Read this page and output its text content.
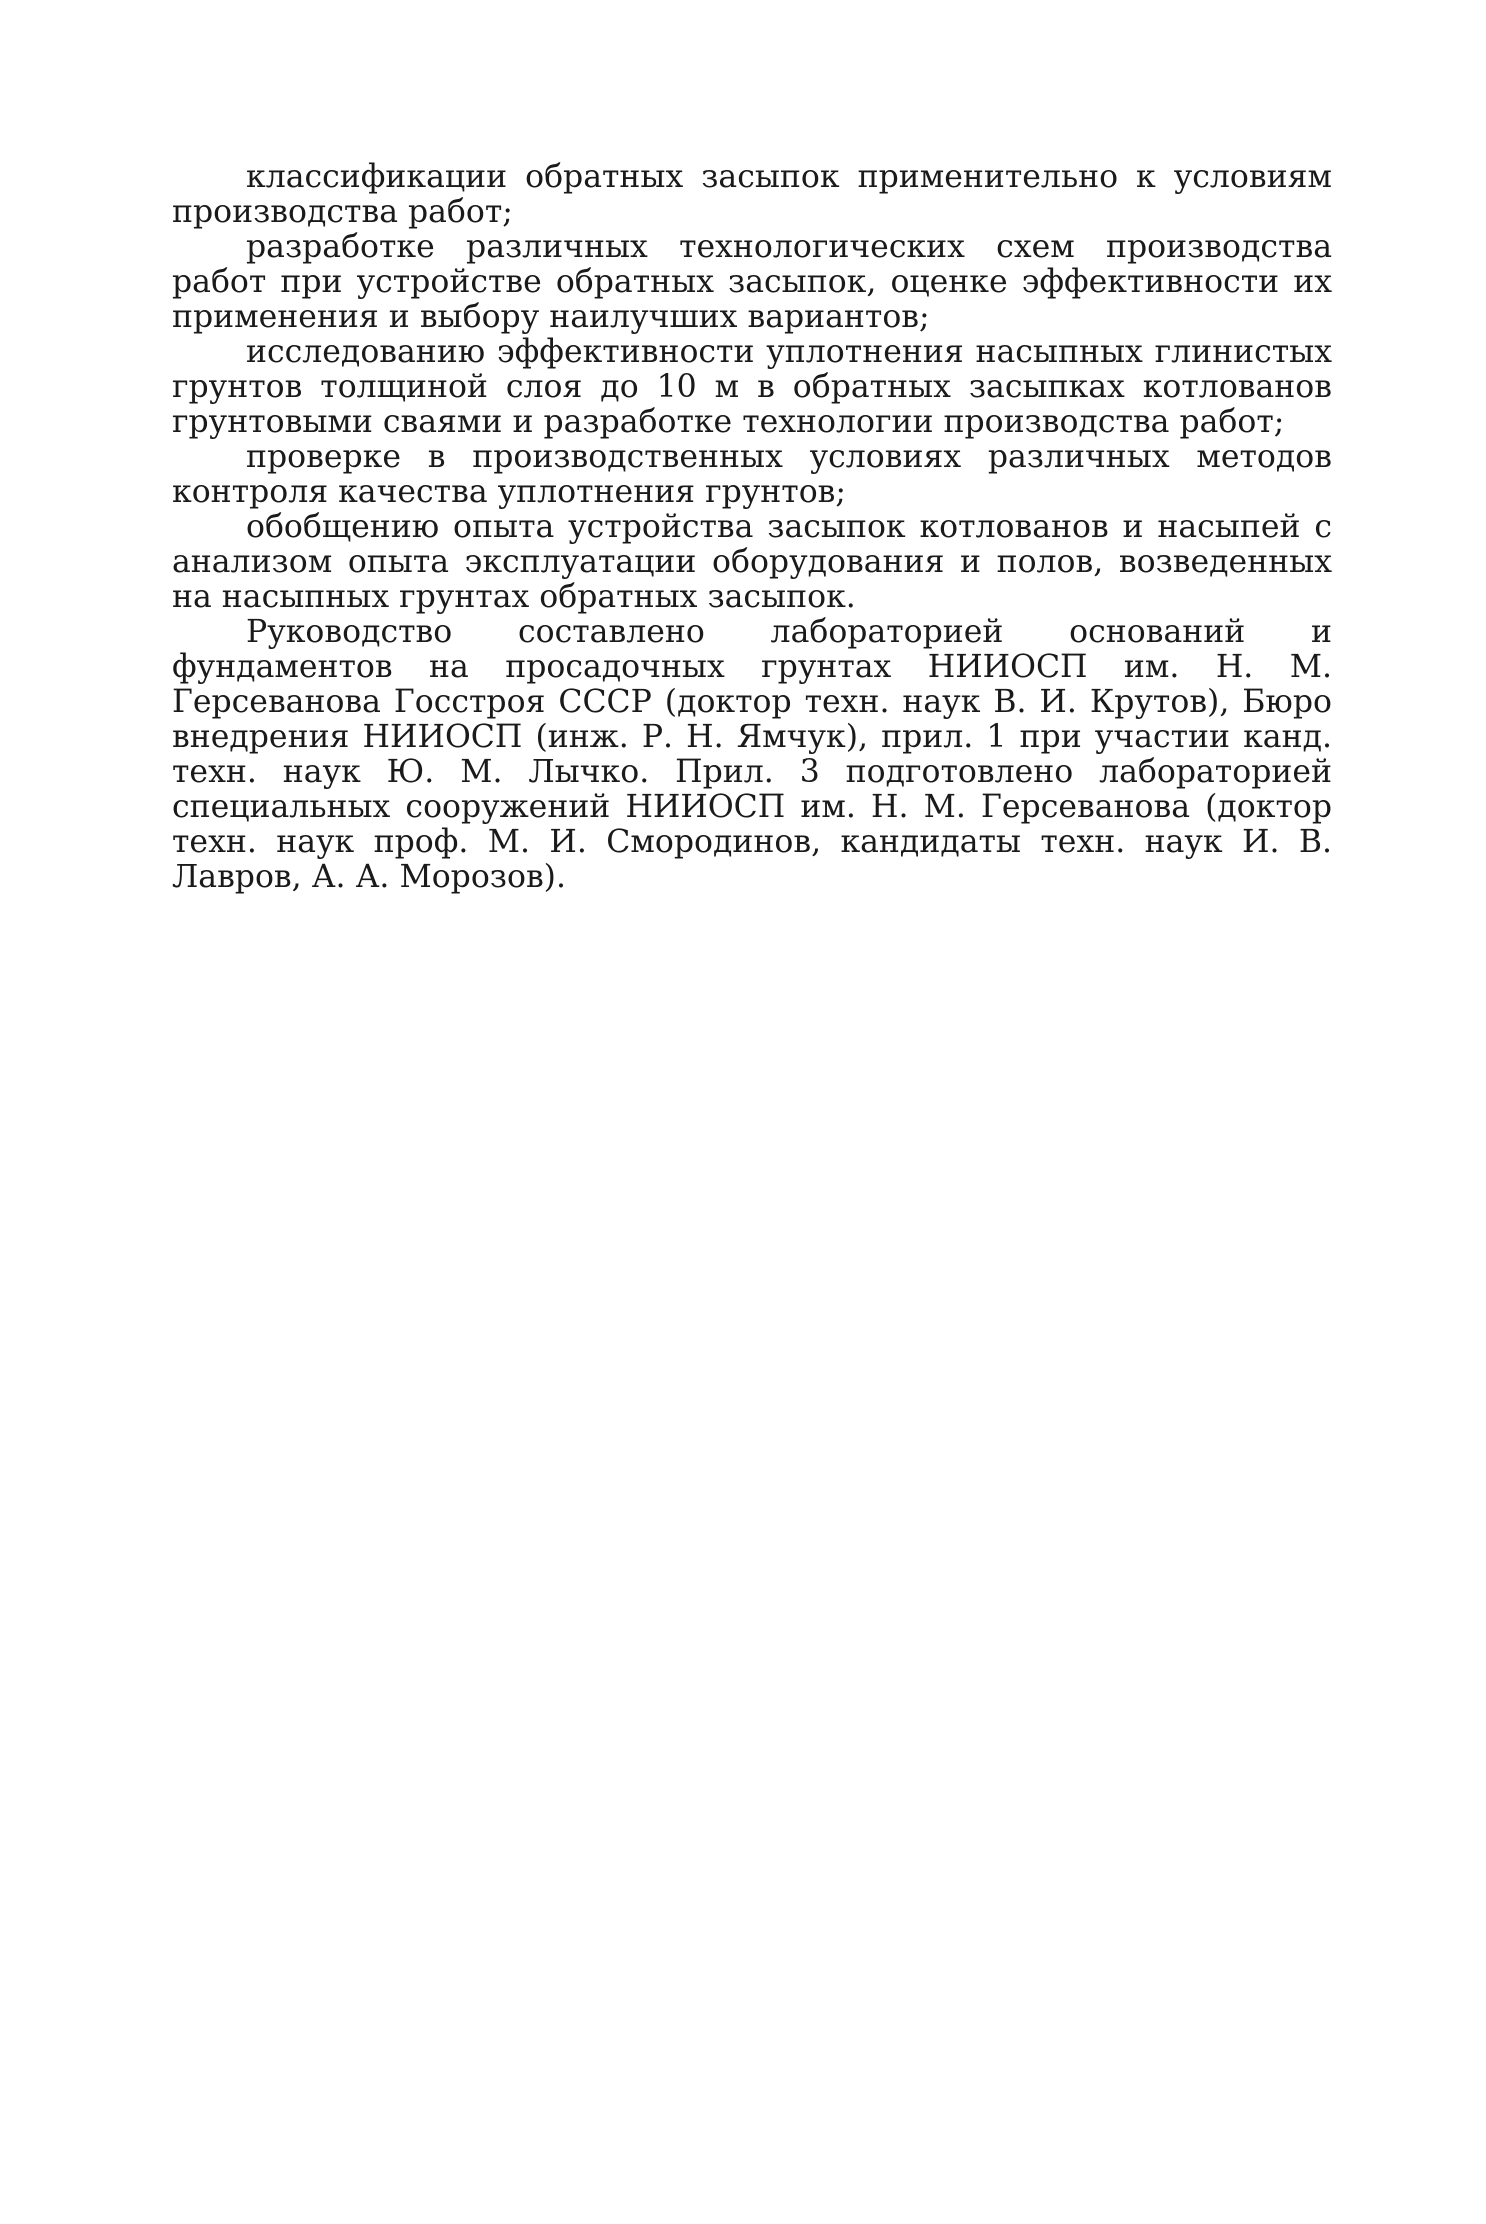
классификации обратных засыпок применительно к условиям производства работ;

разработке различных технологических схем производства работ при устройстве обратных засыпок, оценке эффективности их применения и выбору наилучших вариантов;

исследованию эффективности уплотнения насыпных глинистых грунтов толщиной слоя до 10 м в обратных засыпках котлованов грунтовыми сваями и разработке технологии производства работ;

проверке в производственных условиях различных методов контроля качества уплотнения грунтов;

обобщению опыта устройства засыпок котлованов и насыпей с анализом опыта эксплуатации оборудования и полов, возведенных на насыпных грунтах обратных засыпок.

Руководство составлено лабораторией оснований и фундаментов на просадочных грунтах НИИОСП им. Н. М. Герсеванова Госстроя СССР (доктор техн. наук В. И. Крутов), Бюро внедрения НИИОСП (инж. Р. Н. Ямчук), прил. 1 при участии канд. техн. наук Ю. М. Лычко. Прил. 3 подготовлено лабораторией специальных сооружений НИИОСП им. Н. М. Герсеванова (доктор техн. наук проф. М. И. Смородинов, кандидаты техн. наук И. В. Лавров, А. А. Морозов).
